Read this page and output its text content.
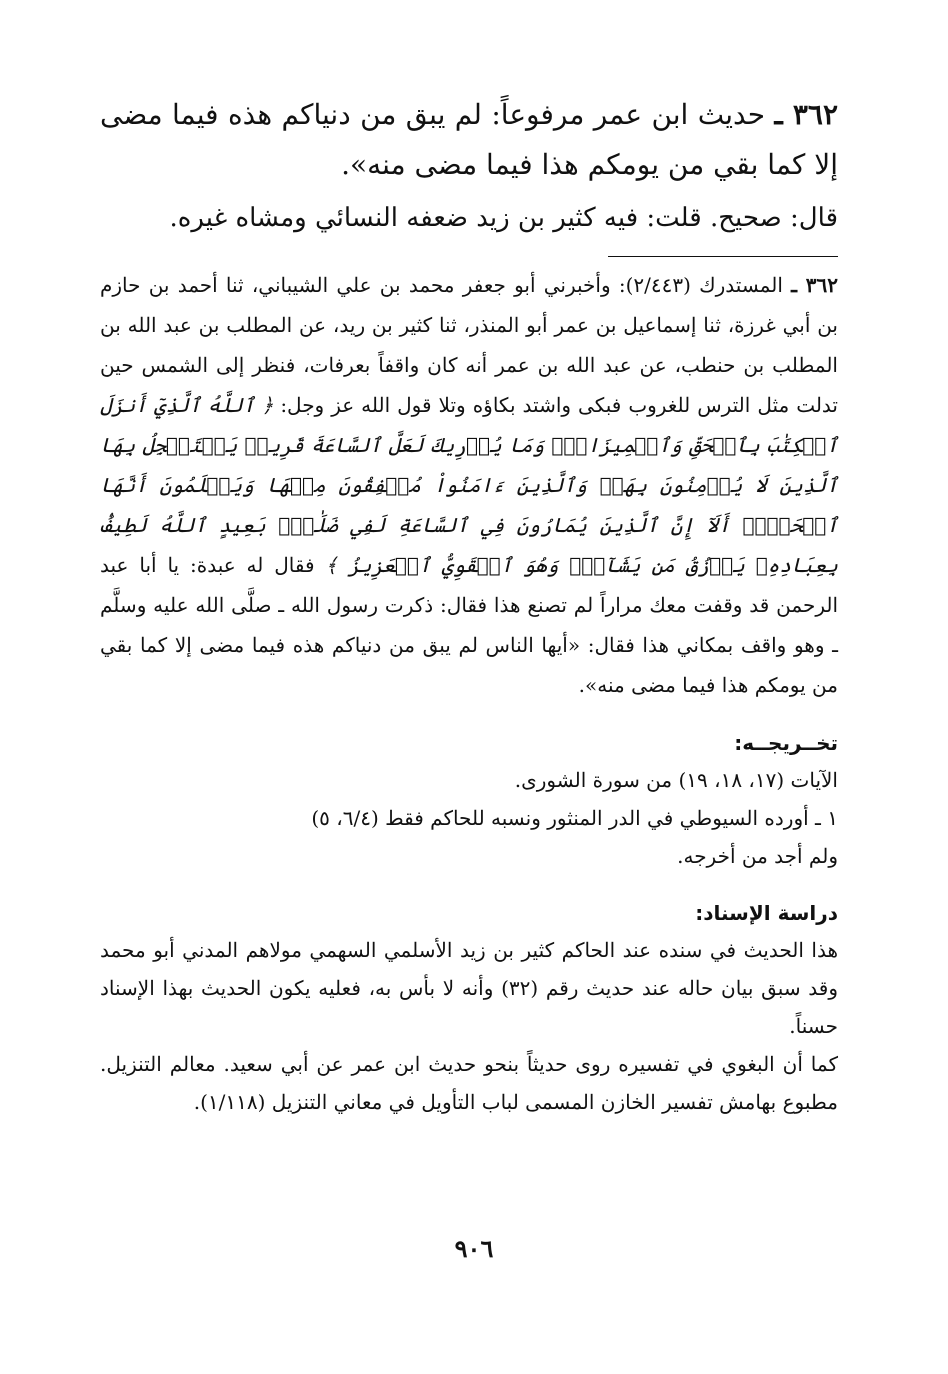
٣٦٢ ـ حديث ابن عمر مرفوعاً: لم يبق من دنياكم هذه فيما مضى إلا كما بقي من يومكم هذا فيما مضى منه».

قال: صحيح. قلت: فيه كثير بن زيد ضعفه النسائي ومشاه غيره.

٣٦٢ ـ المستدرك (٢/٤٤٣): وأخبرني أبو جعفر محمد بن علي الشيباني، ثنا أحمد بن حازم بن أبي غرزة، ثنا إسماعيل بن عمر أبو المنذر، ثنا كثير بن ريد، عن المطلب بن عبد الله بن المطلب بن حنطب، عن عبد الله بن عمر أنه كان واقفاً بعرفات، فنظر إلى الشمس حين تدلت مثل الترس للغروب فبكى واشتد بكاؤه وتلا قول الله عز وجل: ﴿ ٱللَّهُ ٱلَّذِيٓ أَنزَلَ ٱلۡكِتَٰبَ بِٱلۡحَقِّ وَٱلۡمِيزَانَۗ وَمَا يُدۡرِيكَ لَعَلَّ ٱلسَّاعَةَ قَرِيبٞ يَسۡتَعۡجِلُ بِهَا ٱلَّذِينَ لَا يُؤۡمِنُونَ بِهَاۖ وَٱلَّذِينَ ءَامَنُواْ مُشۡفِقُونَ مِنۡهَا وَيَعۡلَمُونَ أَنَّهَا ٱلۡحَقُّۗ أَلَآ إِنَّ ٱلَّذِينَ يُمَارُونَ فِي ٱلسَّاعَةِ لَفِي ضَلَٰلِۭ بَعِيدٍ ٱللَّهُ لَطِيفُۢ بِعِبَادِهِۦ يَرۡزُقُ مَن يَشَآءُۖ وَهُوَ ٱلۡقَوِيُّ ٱلۡعَزِيزُ ﴾ فقال له عبدة: يا أبا عبد الرحمن قد وقفت معك مراراً لم تصنع هذا فقال: ذكرت رسول الله ـ صلَّى الله عليه وسلَّم ـ وهو واقف بمكاني هذا فقال: «أيها الناس لم يبق من دنياكم هذه فيما مضى إلا كما بقي من يومكم هذا فيما مضى منه».

تخــريجــه:

الآيات (١٧، ١٨، ١٩) من سورة الشورى.

١ ـ أورده السيوطي في الدر المنثور ونسبه للحاكم فقط (٦/٤، ٥)

ولم أجد من أخرجه.

دراسة الإسناد:

هذا الحديث في سنده عند الحاكم كثير بن زيد الأسلمي السهمي مولاهم المدني أبو محمد وقد سبق بيان حاله عند حديث رقم (٣٢) وأنه لا بأس به، فعليه يكون الحديث بهذا الإسناد حسناً.

كما أن البغوي في تفسيره روى حديثاً بنحو حديث ابن عمر عن أبي سعيد. معالم التنزيل. مطبوع بهامش تفسير الخازن المسمى لباب التأويل في معاني التنزيل (١/١١٨).

٩٠٦
